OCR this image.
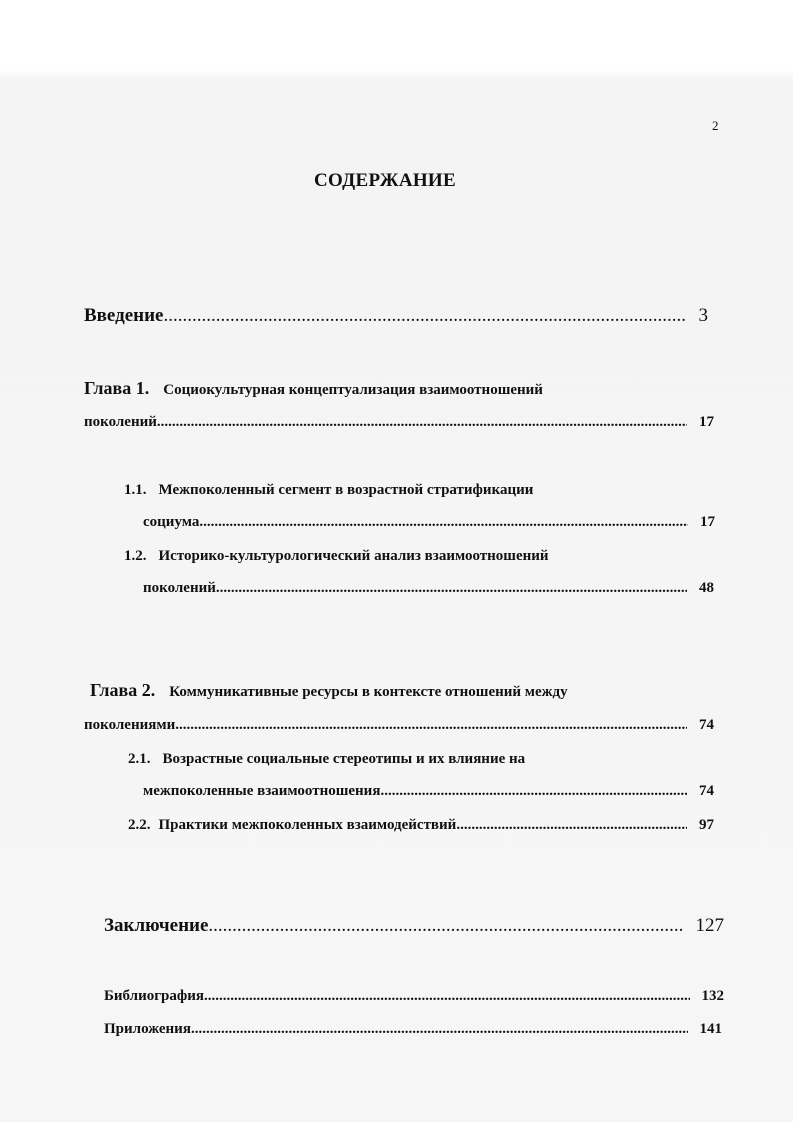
2
СОДЕРЖАНИЕ
Введение .....	3
Глава 1. Социокультурная концептуализация взаимоотношений
поколений .....	17
1.1. Межпоколенный сегмент в возрастной стратификации
социума .....	17
1.2. Историко-культурологический анализ взаимоотношений
поколений .....	48
Глава 2. Коммуникативные ресурсы в контексте отношений между
поколениями .....	74
2.1. Возрастные социальные стереотипы и их влияние на
межпоколенные взаимоотношения .....	74
2.2. Практики межпоколенных взаимодействий .....	97
Заключение .....	127
Библиография .....	132
Приложения .....	141
